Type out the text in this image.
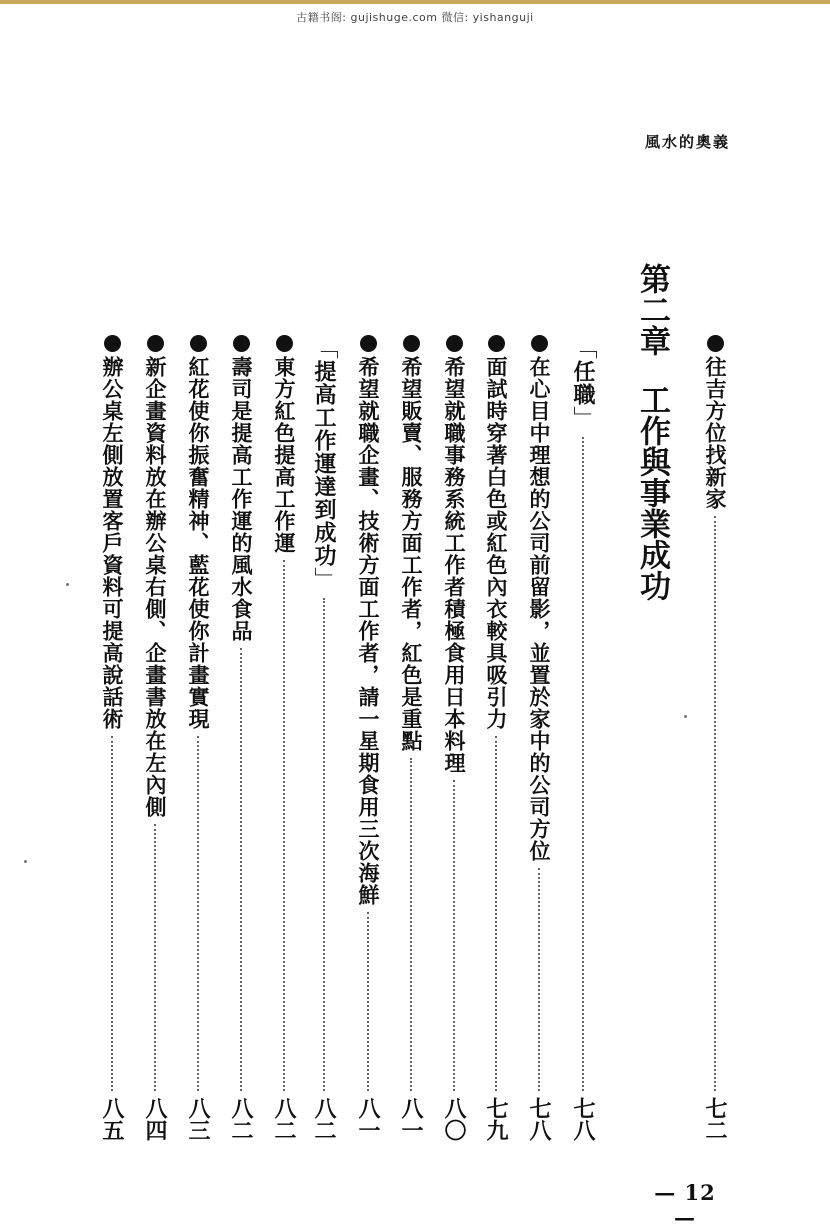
古籍书阁: gujishuge.com 微信: yishanguji
風水的奧義
往吉方位找新家
七二
第二章工作與事業成功
「
任職
」
七八
在心目中理想的公司前留影，並置於家中的公司方位
七八
面試時穿著白色或紅色內衣較具吸引力
七九
希望就職事務系統工作者積極食用日本料理
八〇
希望販賣、服務方面工作者，紅色是重點
八一
希望就職企畫、技術方面工作者，請一星期食用三次海鮮
八一
「
提高工作運達到成功
」
八二
東方紅色提高工作運
八二
壽司是提高工作運的風水食品
八二
紅花使你振奮精神、藍花使你計畫實現
八三
新企畫資料放在辦公桌右側、企畫書放在左內側
八四
辦公桌左側放置客戶資料可提高說話術
八五
— 12 —
